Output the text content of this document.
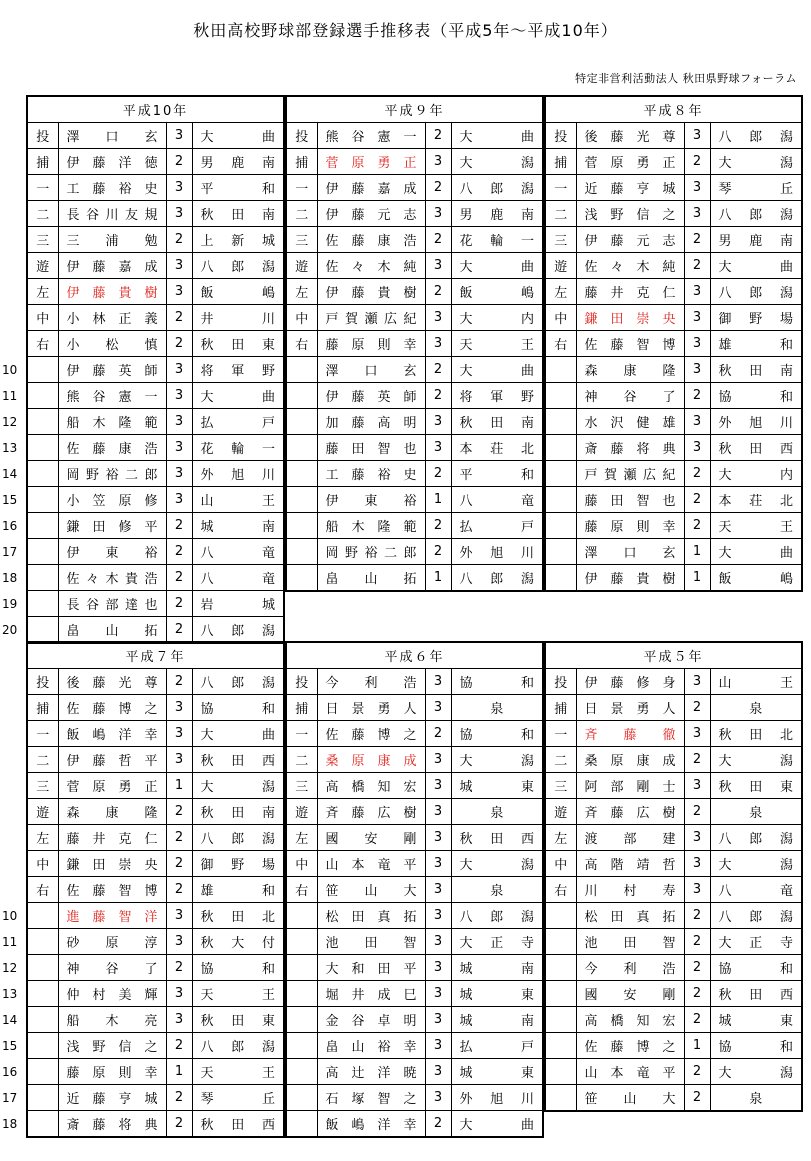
秋田高校野球部登録選手推移表（平成5年～平成10年）
特定非営利活動法人 秋田県野球フォーラム
10
11
12
13
14
15
16
17
18
19
20
10
11
12
13
14
15
16
17
18
平成10年			
投	澤口玄	3	大曲
捕	伊藤洋徳	2	男鹿南
一	工藤裕史	3	平和
二	長谷川友規	3	秋田南
三	三浦勉	2	上新城
遊	伊藤嘉成	3	八郎潟
左	伊藤貴樹	3	飯嶋
中	小林正義	2	井川
右	小松慎	2	秋田東
	伊藤英師	3	将軍野
	熊谷憲一	3	大曲
	船木隆範	3	払戸
	佐藤康浩	3	花輪一
	岡野裕二郎	3	外旭川
	小笠原修	3	山王
	鎌田修平	2	城南
	伊東裕	2	八竜
	佐々木貴浩	2	八竜
	長谷部達也	2	岩城
	畠山拓	2	八郎潟
平成９年			
投	熊谷憲一	2	大曲
捕	菅原勇正	3	大潟
一	伊藤嘉成	2	八郎潟
二	伊藤元志	3	男鹿南
三	佐藤康浩	2	花輪一
遊	佐々木純	3	大曲
左	伊藤貴樹	2	飯嶋
中	戸賀瀬広紀	3	大内
右	藤原則幸	3	天王
	澤口玄	2	大曲
	伊藤英師	2	将軍野
	加藤高明	3	秋田南
	藤田智也	3	本荘北
	工藤裕史	2	平和
	伊東裕	1	八竜
	船木隆範	2	払戸
	岡野裕二郎	2	外旭川
	畠山拓	1	八郎潟
平成８年			
投	後藤光尊	3	八郎潟
捕	菅原勇正	2	大潟
一	近藤亨城	3	琴丘
二	浅野信之	3	八郎潟
三	伊藤元志	2	男鹿南
遊	佐々木純	2	大曲
左	藤井克仁	3	八郎潟
中	鎌田崇央	3	御野場
右	佐藤智博	3	雄和
	森康隆	3	秋田南
	神谷了	2	協和
	水沢健雄	3	外旭川
	斎藤将典	3	秋田西
	戸賀瀬広紀	2	大内
	藤田智也	2	本荘北
	藤原則幸	2	天王
	澤口玄	1	大曲
	伊藤貴樹	1	飯嶋
平成７年			
投	後藤光尊	2	八郎潟
捕	佐藤博之	3	協和
一	飯嶋洋幸	3	大曲
二	伊藤哲平	3	秋田西
三	菅原勇正	1	大潟
遊	森康隆	2	秋田南
左	藤井克仁	2	八郎潟
中	鎌田崇央	2	御野場
右	佐藤智博	2	雄和
	進藤智洋	3	秋田北
	砂原淳	3	秋大付
	神谷了	2	協和
	仲村美輝	3	天王
	船木亮	3	秋田東
	浅野信之	2	八郎潟
	藤原則幸	1	天王
	近藤亨城	2	琴丘
	斎藤将典	2	秋田西
平成６年			
投	今利浩	3	協和
捕	日景勇人	3	泉
一	佐藤博之	2	協和
二	桑原康成	3	大潟
三	高橋知宏	3	城東
遊	斉藤広樹	3	泉
左	國安剛	3	秋田西
中	山本竜平	3	大潟
右	笹山大	3	泉
	松田真拓	3	八郎潟
	池田智	3	大正寺
	大和田平	3	城南
	堀井成巳	3	城東
	金谷卓明	3	城南
	畠山裕幸	3	払戸
	高辻洋暁	3	城東
	石塚智之	3	外旭川
	飯嶋洋幸	2	大曲
平成５年			
投	伊藤修身	3	山王
捕	日景勇人	2	泉
一	斉藤徹	3	秋田北
二	桑原康成	2	大潟
三	阿部剛士	3	秋田東
遊	斉藤広樹	2	泉
左	渡部建	3	八郎潟
中	高階靖哲	3	大潟
右	川村寿	3	八竜
	松田真拓	2	八郎潟
	池田智	2	大正寺
	今利浩	2	協和
	國安剛	2	秋田西
	高橋知宏	2	城東
	佐藤博之	1	協和
	山本竜平	2	大潟
	笹山大	2	泉
